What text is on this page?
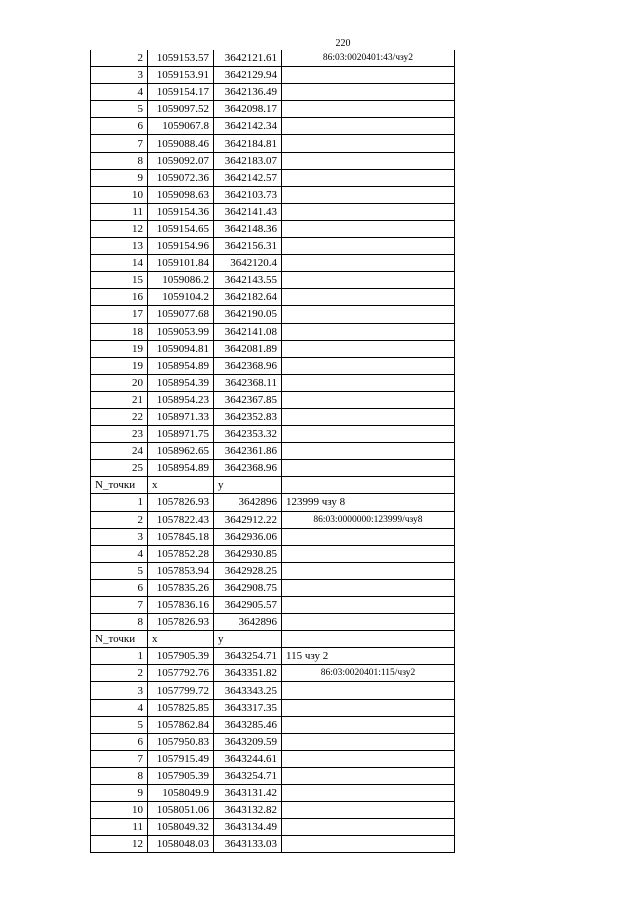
220
2	1059153.57	3642121.61	86:03:0020401:43/чзу2
3	1059153.91	3642129.94	
4	1059154.17	3642136.49	
5	1059097.52	3642098.17	
6	1059067.8	3642142.34	
7	1059088.46	3642184.81	
8	1059092.07	3642183.07	
9	1059072.36	3642142.57	
10	1059098.63	3642103.73	
11	1059154.36	3642141.43	
12	1059154.65	3642148.36	
13	1059154.96	3642156.31	
14	1059101.84	3642120.4	
15	1059086.2	3642143.55	
16	1059104.2	3642182.64	
17	1059077.68	3642190.05	
18	1059053.99	3642141.08	
19	1059094.81	3642081.89	
19	1058954.89	3642368.96	
20	1058954.39	3642368.11	
21	1058954.23	3642367.85	
22	1058971.33	3642352.83	
23	1058971.75	3642353.32	
24	1058962.65	3642361.86	
25	1058954.89	3642368.96	
N_точки	x	y	
1	1057826.93	3642896	123999 чзу 8
2	1057822.43	3642912.22	86:03:0000000:123999/чзу8
3	1057845.18	3642936.06	
4	1057852.28	3642930.85	
5	1057853.94	3642928.25	
6	1057835.26	3642908.75	
7	1057836.16	3642905.57	
8	1057826.93	3642896	
N_точки	x	y	
1	1057905.39	3643254.71	115 чзу 2
2	1057792.76	3643351.82	86:03:0020401:115/чзу2
3	1057799.72	3643343.25	
4	1057825.85	3643317.35	
5	1057862.84	3643285.46	
6	1057950.83	3643209.59	
7	1057915.49	3643244.61	
8	1057905.39	3643254.71	
9	1058049.9	3643131.42	
10	1058051.06	3643132.82	
11	1058049.32	3643134.49	
12	1058048.03	3643133.03	
